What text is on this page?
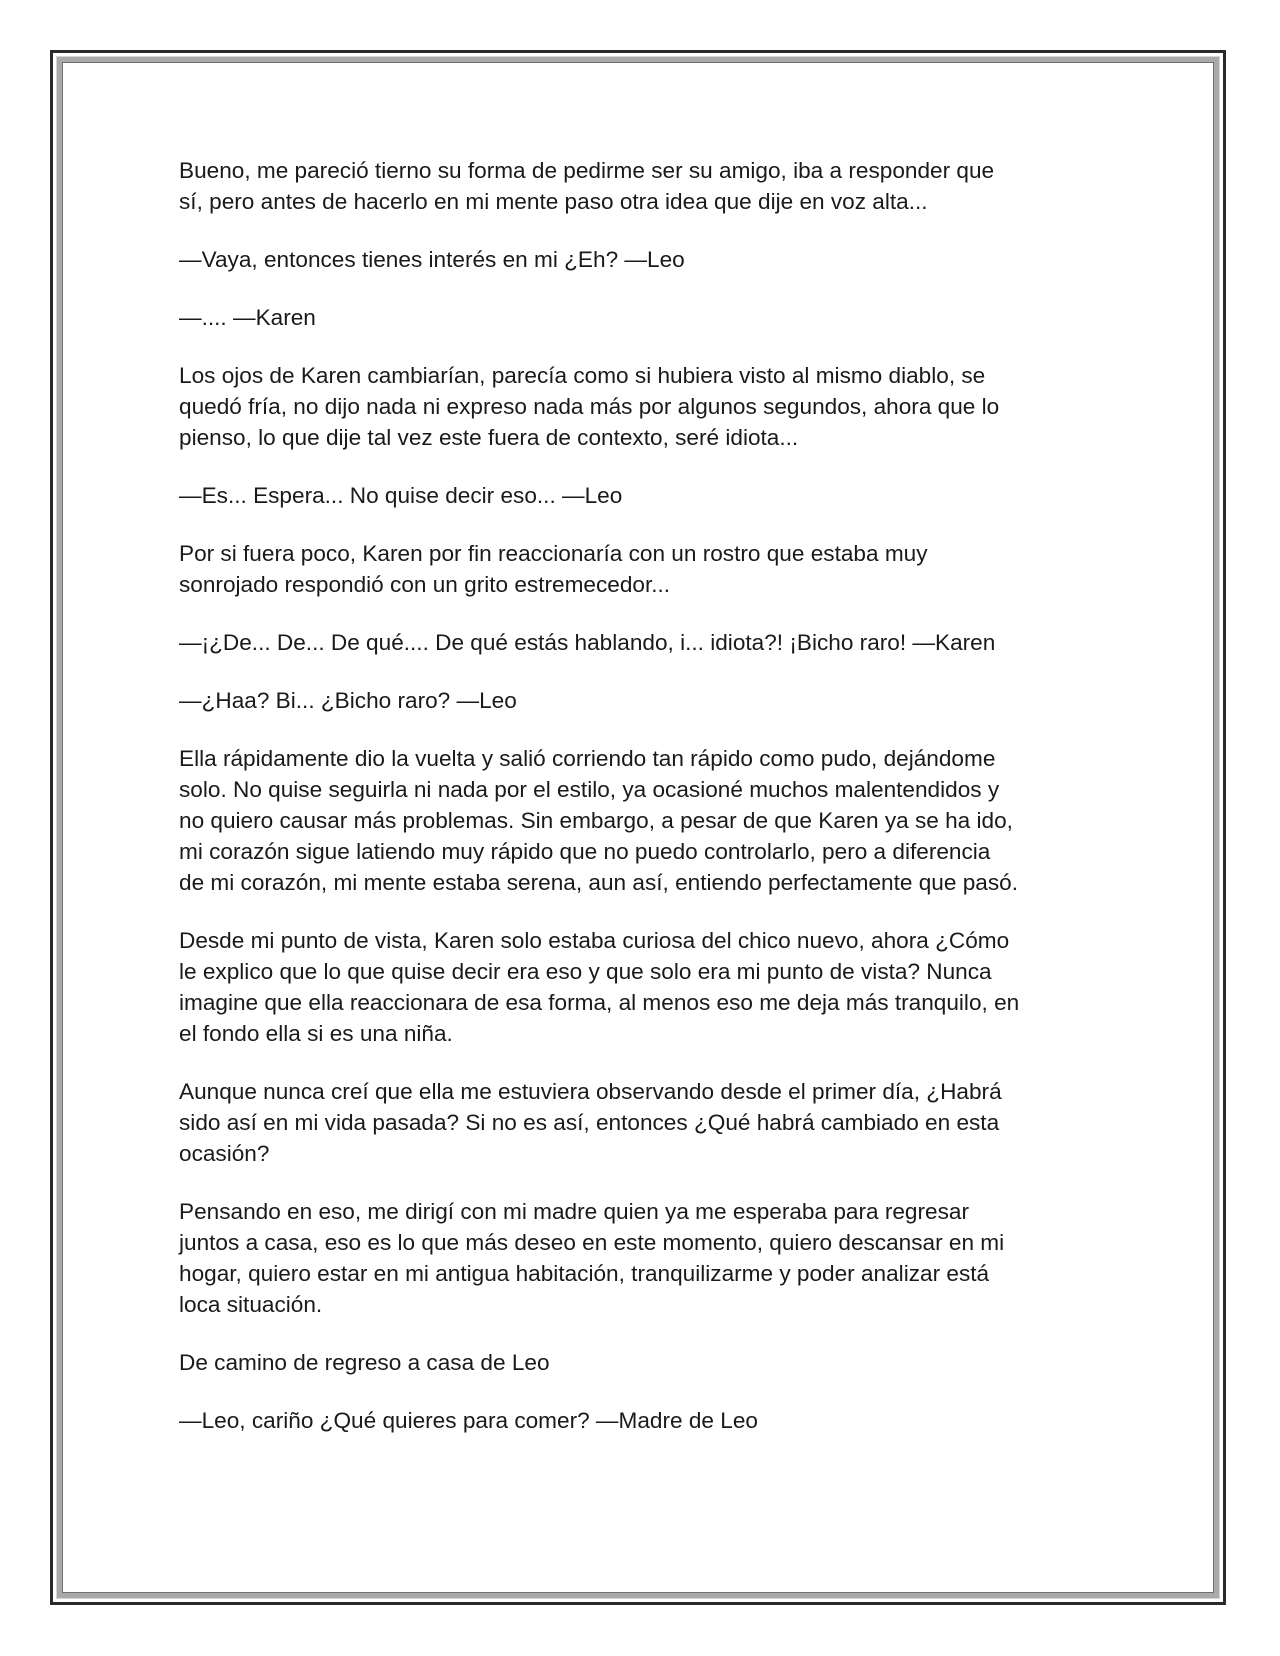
Bueno, me pareció tierno su forma de pedirme ser su amigo, iba a responder que
sí, pero antes de hacerlo en mi mente paso otra idea que dije en voz alta...

—Vaya, entonces tienes interés en mi ¿Eh? —Leo

—.... —Karen

Los ojos de Karen cambiarían, parecía como si hubiera visto al mismo diablo, se
quedó fría, no dijo nada ni expreso nada más por algunos segundos, ahora que lo
pienso, lo que dije tal vez este fuera de contexto, seré idiota...

—Es... Espera... No quise decir eso... —Leo

Por si fuera poco, Karen por fin reaccionaría con un rostro que estaba muy
sonrojado respondió con un grito estremecedor...

—¡¿De... De... De qué.... De qué estás hablando, i... idiota?! ¡Bicho raro! —Karen

—¿Haa? Bi... ¿Bicho raro? —Leo

Ella rápidamente dio la vuelta y salió corriendo tan rápido como pudo, dejándome
solo. No quise seguirla ni nada por el estilo, ya ocasioné muchos malentendidos y
no quiero causar más problemas. Sin embargo, a pesar de que Karen ya se ha ido,
mi corazón sigue latiendo muy rápido que no puedo controlarlo, pero a diferencia
de mi corazón, mi mente estaba serena, aun así, entiendo perfectamente que pasó.

Desde mi punto de vista, Karen solo estaba curiosa del chico nuevo, ahora ¿Cómo
le explico que lo que quise decir era eso y que solo era mi punto de vista? Nunca
imagine que ella reaccionara de esa forma, al menos eso me deja más tranquilo, en
el fondo ella si es una niña.

Aunque nunca creí que ella me estuviera observando desde el primer día, ¿Habrá
sido así en mi vida pasada? Si no es así, entonces ¿Qué habrá cambiado en esta
ocasión?

Pensando en eso, me dirigí con mi madre quien ya me esperaba para regresar
juntos a casa, eso es lo que más deseo en este momento, quiero descansar en mi
hogar, quiero estar en mi antigua habitación, tranquilizarme y poder analizar está
loca situación.

De camino de regreso a casa de Leo

—Leo, cariño ¿Qué quieres para comer? —Madre de Leo
